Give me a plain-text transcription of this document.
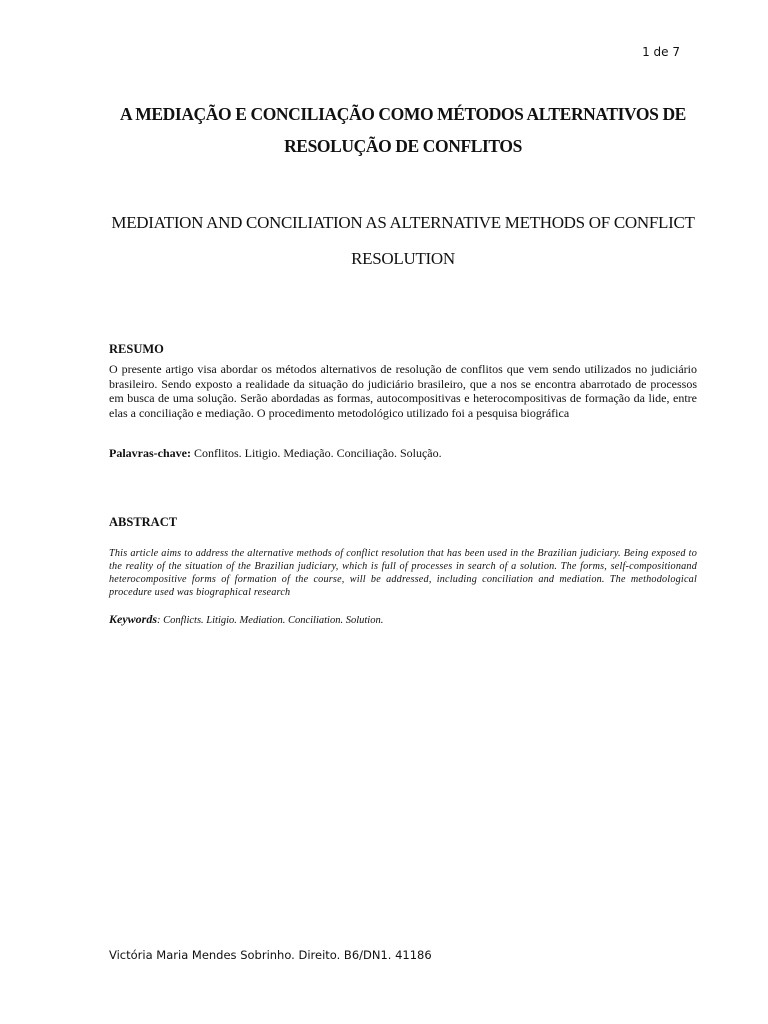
1 de 7
A MEDIAÇÃO E CONCILIAÇÃO COMO MÉTODOS ALTERNATIVOS DE RESOLUÇÃO DE CONFLITOS
MEDIATION AND CONCILIATION AS ALTERNATIVE METHODS OF CONFLICT RESOLUTION
RESUMO
O presente artigo visa abordar os métodos alternativos de resolução de conflitos que vem sendo utilizados no judiciário brasileiro. Sendo exposto a realidade da situação do judiciário brasileiro, que a nos se encontra abarrotado de processos em busca de uma solução. Serão abordadas as formas, autocompositivas e heterocompositivas de formação da lide, entre elas a conciliação e mediação. O procedimento metodológico utilizado foi a pesquisa biográfica
Palavras-chave: Conflitos. Litigio. Mediação. Conciliação. Solução.
ABSTRACT
This article aims to address the alternative methods of conflict resolution that has been used in the Brazilian judiciary. Being exposed to the reality of the situation of the Brazilian judiciary, which is full of processes in search of a solution. The forms, self-compositionand heterocompositive forms of formation of the course, will be addressed, including conciliation and mediation. The methodological procedure used was biographical research
Keywords: Conflicts. Litigio. Mediation. Conciliation. Solution.
Victória Maria Mendes Sobrinho. Direito. B6/DN1. 41186
